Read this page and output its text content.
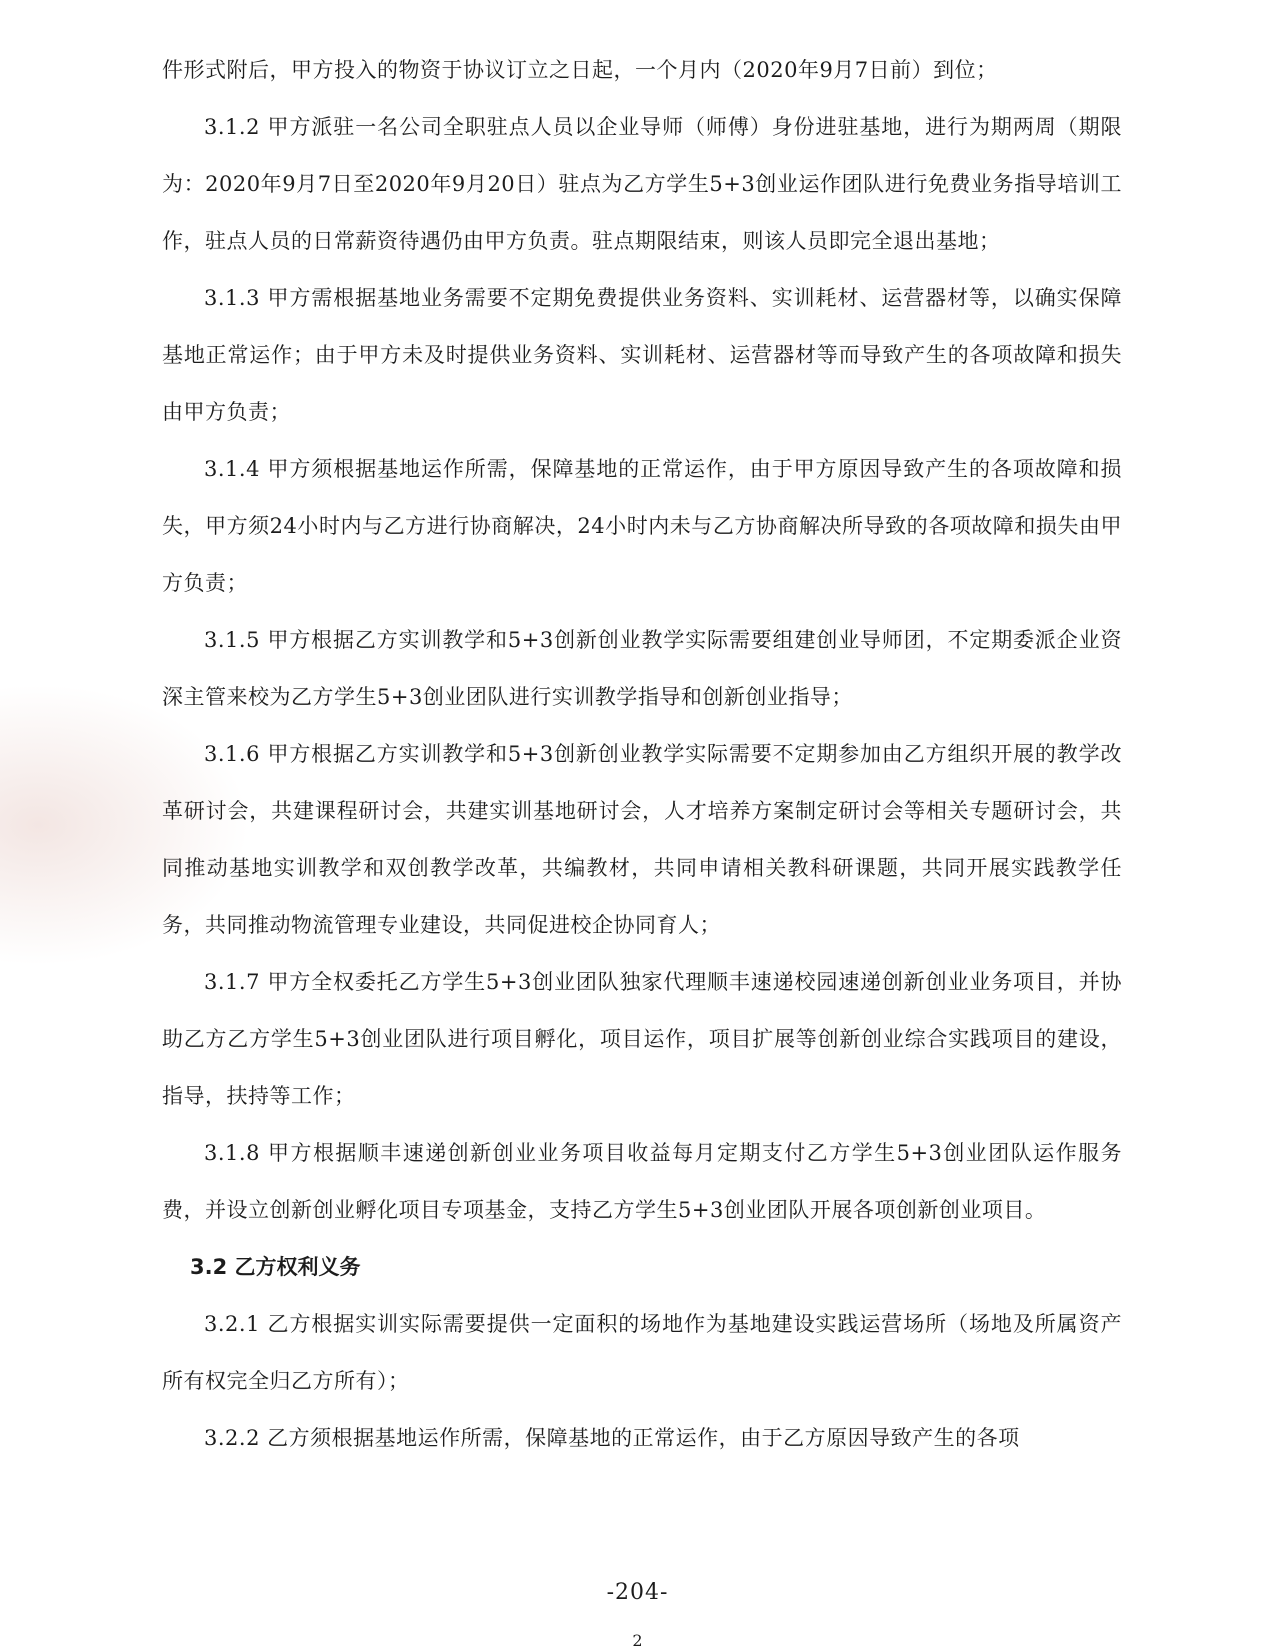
件形式附后，甲方投入的物资于协议订立之日起，一个月内（2020年9月7日前）到位；

3.1.2 甲方派驻一名公司全职驻点人员以企业导师（师傅）身份进驻基地，进行为期两周（期限为：2020年9月7日至2020年9月20日）驻点为乙方学生5+3创业运作团队进行免费业务指导培训工作，驻点人员的日常薪资待遇仍由甲方负责。驻点期限结束，则该人员即完全退出基地；

3.1.3 甲方需根据基地业务需要不定期免费提供业务资料、实训耗材、运营器材等，以确实保障基地正常运作；由于甲方未及时提供业务资料、实训耗材、运营器材等而导致产生的各项故障和损失由甲方负责；

3.1.4 甲方须根据基地运作所需，保障基地的正常运作，由于甲方原因导致产生的各项故障和损失，甲方须24小时内与乙方进行协商解决，24小时内未与乙方协商解决所导致的各项故障和损失由甲方负责；

3.1.5 甲方根据乙方实训教学和5+3创新创业教学实际需要组建创业导师团，不定期委派企业资深主管来校为乙方学生5+3创业团队进行实训教学指导和创新创业指导；

3.1.6 甲方根据乙方实训教学和5+3创新创业教学实际需要不定期参加由乙方组织开展的教学改革研讨会，共建课程研讨会，共建实训基地研讨会，人才培养方案制定研讨会等相关专题研讨会，共同推动基地实训教学和双创教学改革，共编教材，共同申请相关教科研课题，共同开展实践教学任务，共同推动物流管理专业建设，共同促进校企协同育人；

3.1.7 甲方全权委托乙方学生5+3创业团队独家代理顺丰速递校园速递创新创业业务项目，并协助乙方乙方学生5+3创业团队进行项目孵化，项目运作，项目扩展等创新创业综合实践项目的建设，指导，扶持等工作；

3.1.8 甲方根据顺丰速递创新创业业务项目收益每月定期支付乙方学生5+3创业团队运作服务费，并设立创新创业孵化项目专项基金，支持乙方学生5+3创业团队开展各项创新创业项目。

3.2 乙方权利义务

3.2.1 乙方根据实训实际需要提供一定面积的场地作为基地建设实践运营场所（场地及所属资产所有权完全归乙方所有）；

3.2.2 乙方须根据基地运作所需，保障基地的正常运作，由于乙方原因导致产生的各项

-204-
2
